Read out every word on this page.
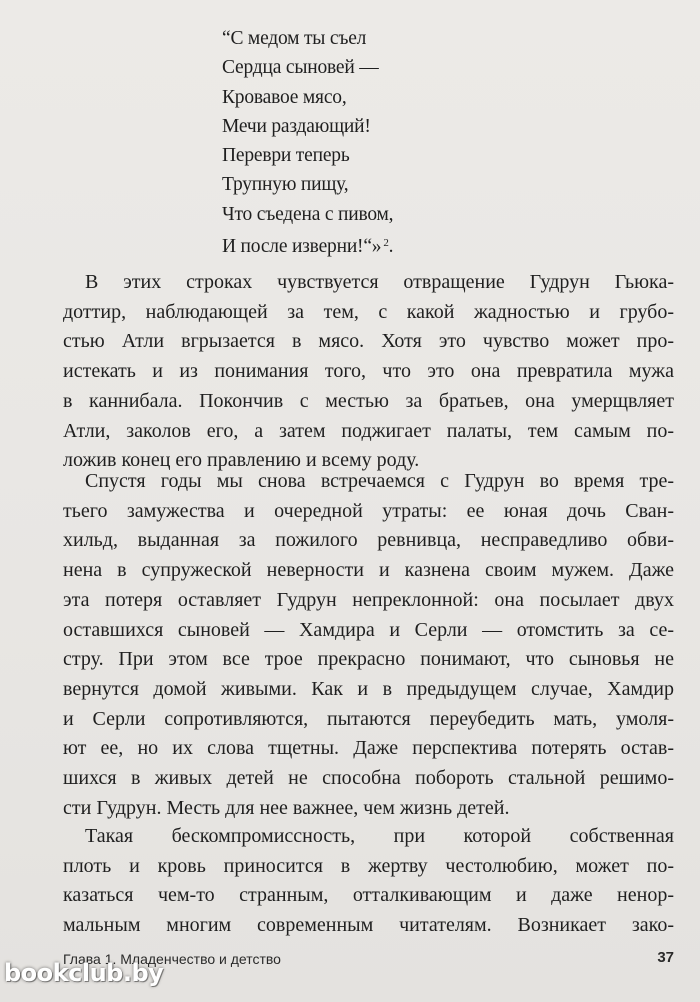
“С медом ты съел
Сердца сыновей —
Кровавое мясо,
Мечи раздающий!
Переври теперь
Трупную пищу,
Что съедена с пивом,
И после изверни!“» $^2$.
В этих строках чувствуется отвращение Гудрун Гьюка-
доттир, наблюдающей за тем, с какой жадностью и грубо-
стью Атли вгрызается в мясо. Хотя это чувство может про-
истекать и из понимания того, что это она превратила мужа
в каннибала. Покончив с местью за братьев, она умерщвляет
Атли, заколов его, а затем поджигает палаты, тем самым по-
ложив конец его правлению и всему роду.
Спустя годы мы снова встречаемся с Гудрун во время тре-
тьего замужества и очередной утраты: ее юная дочь Сван-
хильд, выданная за пожилого ревнивца, несправедливо обви-
нена в супружеской неверности и казнена своим мужем. Даже
эта потеря оставляет Гудрун непреклонной: она посылает двух
оставшихся сыновей — Хамдира и Серли — отомстить за се-
стру. При этом все трое прекрасно понимают, что сыновья не
вернутся домой живыми. Как и в предыдущем случае, Хамдир
и Серли сопротивляются, пытаются переубедить мать, умоля-
ют ее, но их слова тщетны. Даже перспектива потерять остав-
шихся в живых детей не способна побороть стальной решимо-
сти Гудрун. Месть для нее важнее, чем жизнь детей.
Такая бескомпромиссность, при которой собственная
плоть и кровь приносится в жертву честолюбию, может по-
казаться чем-то странным, отталкивающим и даже ненор-
мальным многим современным читателям. Возникает зако-
Глава 1. Младенчество и детство	37
bookclub.by
